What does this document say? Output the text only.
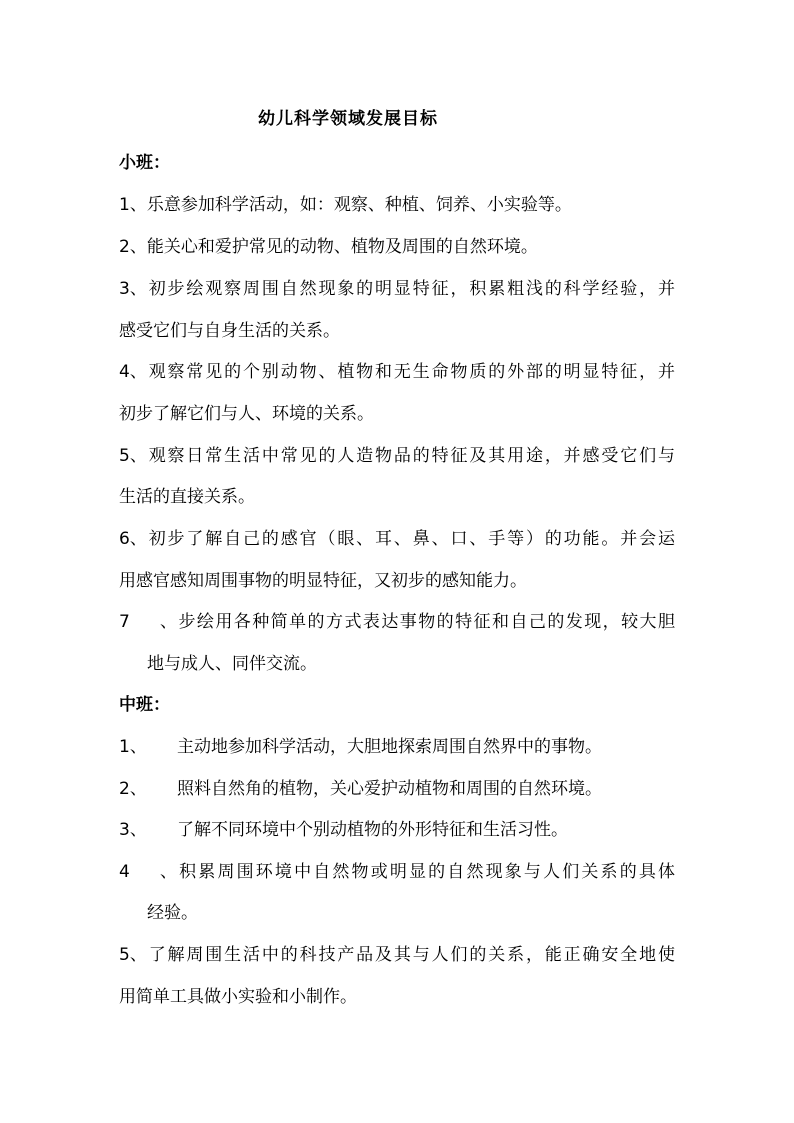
幼儿科学领域发展目标
小班：
1、乐意参加科学活动，如：观察、种植、饲养、小实验等。
2、能关心和爱护常见的动物、植物及周围的自然环境。
3、初步绘观察周围自然现象的明显特征，积累粗浅的科学经验，并
感受它们与自身生活的关系。
4、观察常见的个别动物、植物和无生命物质的外部的明显特征，并
初步了解它们与人、环境的关系。
5、观察日常生活中常见的人造物品的特征及其用途，并感受它们与
生活的直接关系。
6、初步了解自己的感官（眼、耳、鼻、口、手等）的功能。并会运
用感官感知周围事物的明显特征，又初步的感知能力。
7、步绘用各种简单的方式表达事物的特征和自己的发现，较大胆
地与成人、同伴交流。
中班：
1、 主动地参加科学活动，大胆地探索周围自然界中的事物。
2、 照料自然角的植物，关心爱护动植物和周围的自然环境。
3、 了解不同环境中个别动植物的外形特征和生活习性。
4、积累周围环境中自然物或明显的自然现象与人们关系的具体
经验。
5、了解周围生活中的科技产品及其与人们的关系，能正确安全地使
用简单工具做小实验和小制作。
